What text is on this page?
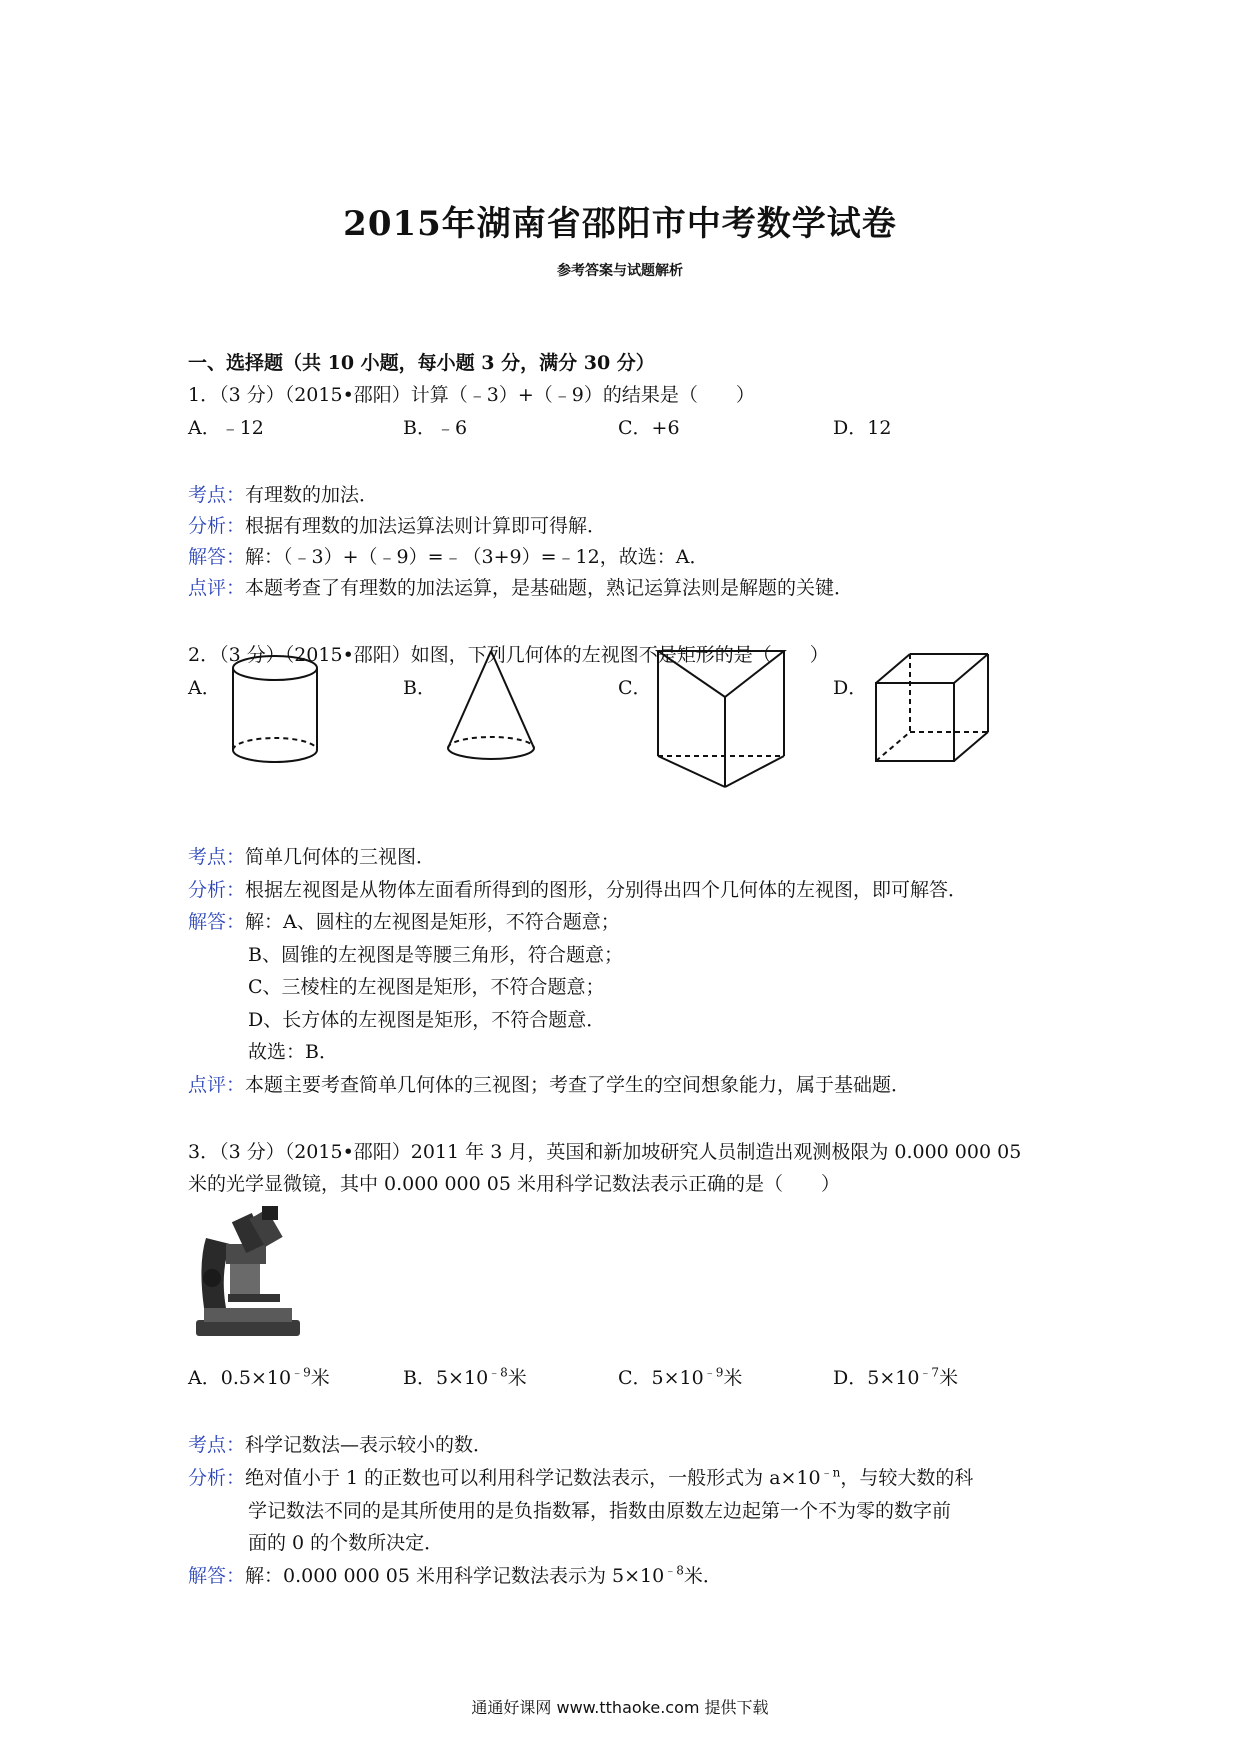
2015年湖南省邵阳市中考数学试卷
参考答案与试题解析
一、选择题（共 10 小题，每小题 3 分，满分 30 分）
1．（3 分）（2015•邵阳）计算（﹣3）+（﹣9）的结果是（　　）
A．﹣12	B．﹣6	C．+6	D．12
考点：有理数的加法．
分析：根据有理数的加法运算法则计算即可得解．
解答：解：（﹣3）+（﹣9）=﹣（3+9）=﹣12，故选：A．
点评：本题考查了有理数的加法运算，是基础题，熟记运算法则是解题的关键．
2．（3 分）（2015•邵阳）如图，下列几何体的左视图不是矩形的是（　　）
A．	B．	C．	D．
考点：简单几何体的三视图．
分析：根据左视图是从物体左面看所得到的图形，分别得出四个几何体的左视图，即可解答．
解答：解：A、圆柱的左视图是矩形，不符合题意；
B、圆锥的左视图是等腰三角形，符合题意；
C、三棱柱的左视图是矩形，不符合题意；
D、长方体的左视图是矩形，不符合题意．
故选：B．
点评：本题主要考查简单几何体的三视图；考查了学生的空间想象能力，属于基础题．
3．（3 分）（2015•邵阳）2011 年 3 月，英国和新加坡研究人员制造出观测极限为 0.000 000 05
米的光学显微镜，其中 0.000 000 05 米用科学记数法表示正确的是（　　）
A．$0.5\times 10^{﹣9}$米	B．$5\times 10^{﹣8}$米	C．$5\times 10^{﹣9}$米	D．$5\times 10^{﹣7}$米
考点：科学记数法—表示较小的数．
分析：绝对值小于 1 的正数也可以利用科学记数法表示，一般形式为 $a\times 10^{﹣n}$，与较大数的科
学记数法不同的是其所使用的是负指数幂，指数由原数左边起第一个不为零的数字前
面的 0 的个数所决定．
解答：解：0.000 000 05 米用科学记数法表示为 $5\times 10^{﹣8}$米．
通通好课网 www.tthaoke.com 提供下载
